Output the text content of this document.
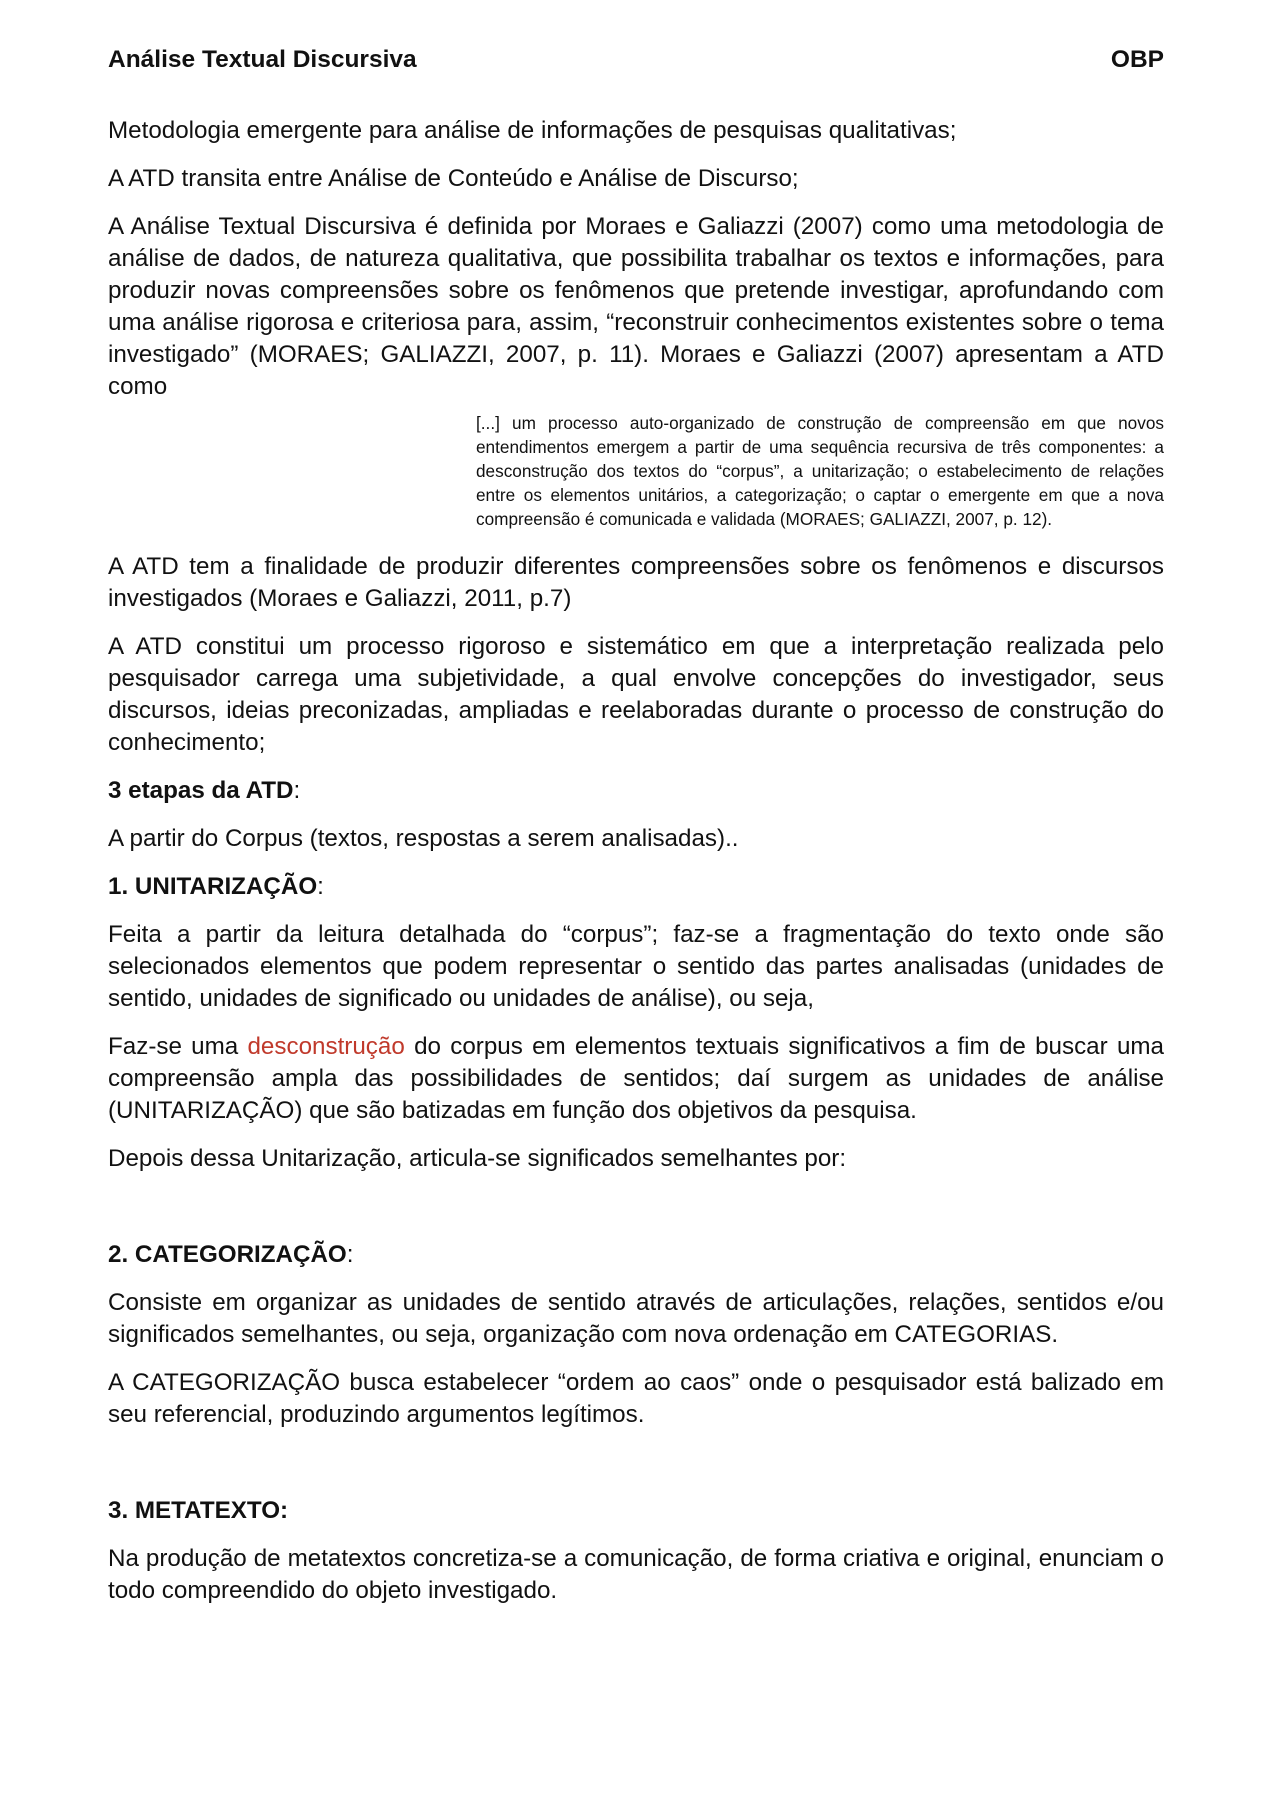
Análise Textual Discursiva	OBP

Metodologia emergente para análise de informações de pesquisas qualitativas;

A ATD transita entre Análise de Conteúdo e Análise de Discurso;

A Análise Textual Discursiva é definida por Moraes e Galiazzi (2007) como uma metodologia de análise de dados, de natureza qualitativa, que possibilita trabalhar os textos e informações, para produzir novas compreensões sobre os fenômenos que pretende investigar, aprofundando com uma análise rigorosa e criteriosa para, assim, “reconstruir conhecimentos existentes sobre o tema investigado” (MORAES; GALIAZZI, 2007, p. 11). Moraes e Galiazzi (2007) apresentam a ATD como

[...] um processo auto-organizado de construção de compreensão em que novos entendimentos emergem a partir de uma sequência recursiva de três componentes: a desconstrução dos textos do “corpus”, a unitarização; o estabelecimento de relações entre os elementos unitários, a categorização; o captar o emergente em que a nova compreensão é comunicada e validada (MORAES; GALIAZZI, 2007, p. 12).

A ATD tem a finalidade de produzir diferentes compreensões sobre os fenômenos e discursos investigados (Moraes e Galiazzi, 2011, p.7)

A ATD constitui um processo rigoroso e sistemático em que a interpretação realizada pelo pesquisador carrega uma subjetividade, a qual envolve concepções do investigador, seus discursos, ideias preconizadas, ampliadas e reelaboradas durante o processo de construção do conhecimento;

3 etapas da ATD:

A partir do Corpus (textos, respostas a serem analisadas)..

1. UNITARIZAÇÃO:

Feita a partir da leitura detalhada do “corpus”; faz-se a fragmentação do texto onde são selecionados elementos que podem representar o sentido das partes analisadas (unidades de sentido, unidades de significado ou unidades de análise), ou seja,

Faz-se uma desconstrução do corpus em elementos textuais significativos a fim de buscar uma compreensão ampla das possibilidades de sentidos; daí surgem as unidades de análise (UNITARIZAÇÃO) que são batizadas em função dos objetivos da pesquisa.

Depois dessa Unitarização, articula-se significados semelhantes por:

2. CATEGORIZAÇÃO:

Consiste em organizar as unidades de sentido através de articulações, relações, sentidos e/ou significados semelhantes, ou seja, organização com nova ordenação em CATEGORIAS.

A CATEGORIZAÇÃO busca estabelecer “ordem ao caos” onde o pesquisador está balizado em seu referencial, produzindo argumentos legítimos.

3. METATEXTO:

Na produção de metatextos concretiza-se a comunicação, de forma criativa e original, enunciam o todo compreendido do objeto investigado.
